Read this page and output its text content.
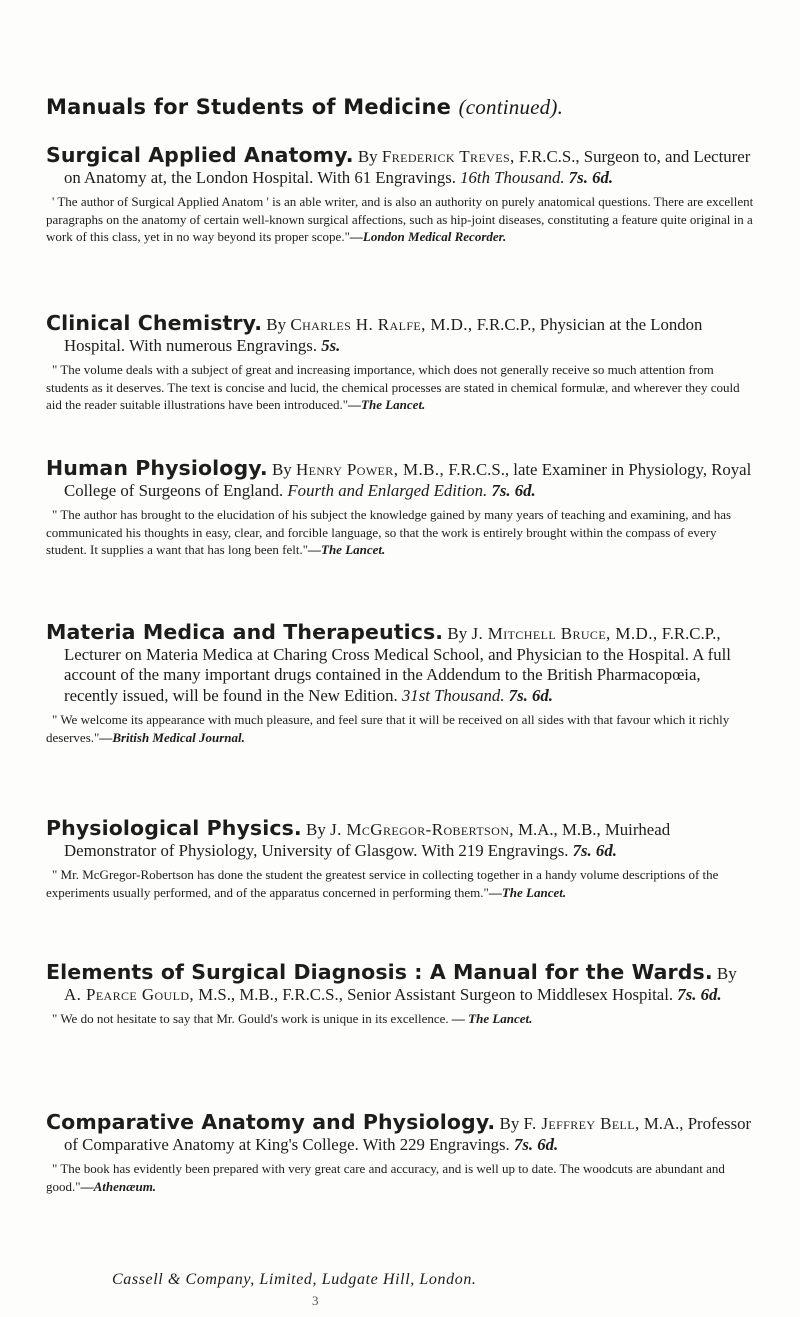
Manuals for Students of Medicine (continued).

Surgical Applied Anatomy. By Frederick Treves, F.R.C.S., Surgeon to, and Lecturer on Anatomy at, the London Hospital. With 61 Engravings. 16th Thousand. 7s. 6d.

' The author of Surgical Applied Anatom ' is an able writer, and is also an authority on purely anatomical questions. There are excellent paragraphs on the anatomy of certain well-known surgical affections, such as hip-joint diseases, constituting a feature quite original in a work of this class, yet in no way beyond its proper scope."—London Medical Recorder.

Clinical Chemistry. By Charles H. Ralfe, M.D., F.R.C.P., Physician at the London Hospital. With numerous Engravings. 5s.

" The volume deals with a subject of great and increasing importance, which does not generally receive so much attention from students as it deserves. The text is concise and lucid, the chemical processes are stated in chemical formulæ, and wherever they could aid the reader suitable illustrations have been introduced."—The Lancet.

Human Physiology. By Henry Power, M.B., F.R.C.S., late Examiner in Physiology, Royal College of Surgeons of England. Fourth and Enlarged Edition. 7s. 6d.

" The author has brought to the elucidation of his subject the knowledge gained by many years of teaching and examining, and has communicated his thoughts in easy, clear, and forcible language, so that the work is entirely brought within the compass of every student. It supplies a want that has long been felt."—The Lancet.

Materia Medica and Therapeutics. By J. Mitchell Bruce, M.D., F.R.C.P., Lecturer on Materia Medica at Charing Cross Medical School, and Physician to the Hospital. A full account of the many important drugs contained in the Addendum to the British Pharmacopœia, recently issued, will be found in the New Edition. 31st Thousand. 7s. 6d.

" We welcome its appearance with much pleasure, and feel sure that it will be received on all sides with that favour which it richly deserves."—British Medical Journal.

Physiological Physics. By J. McGregor-Robertson, M.A., M.B., Muirhead Demonstrator of Physiology, University of Glasgow. With 219 Engravings. 7s. 6d.

" Mr. McGregor-Robertson has done the student the greatest service in collecting together in a handy volume descriptions of the experiments usually performed, and of the apparatus concerned in performing them."—The Lancet.

Elements of Surgical Diagnosis : A Manual for the Wards. By A. Pearce Gould, M.S., M.B., F.R.C.S., Senior Assistant Surgeon to Middlesex Hospital. 7s. 6d.

" We do not hesitate to say that Mr. Gould's work is unique in its excellence. — The Lancet.

Comparative Anatomy and Physiology. By F. Jeffrey Bell, M.A., Professor of Comparative Anatomy at King's College. With 229 Engravings. 7s. 6d.

" The book has evidently been prepared with very great care and accuracy, and is well up to date. The woodcuts are abundant and good."—Athenæum.

Cassell & Company, Limited, Ludgate Hill, London.
3
